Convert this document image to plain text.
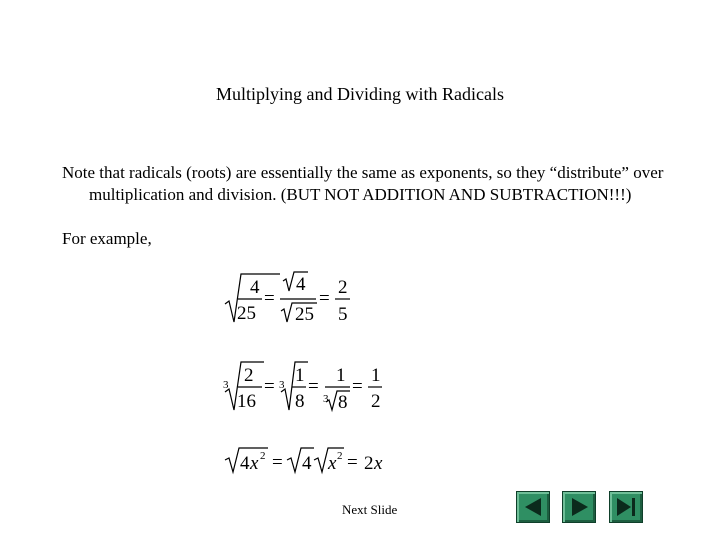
Multiplying and Dividing with Radicals
Note that radicals (roots) are essentially the same as exponents, so they “distribute” over multiplication and division. (BUT NOT ADDITION AND SUBTRACTION!!!)
For example,
4
25
=
4
25
=
2
5
3 2
16
= 3 1
8
=
1
3 8
=
1
2
4 x 2 = 4 x 2 = 2 x
Next Slide
